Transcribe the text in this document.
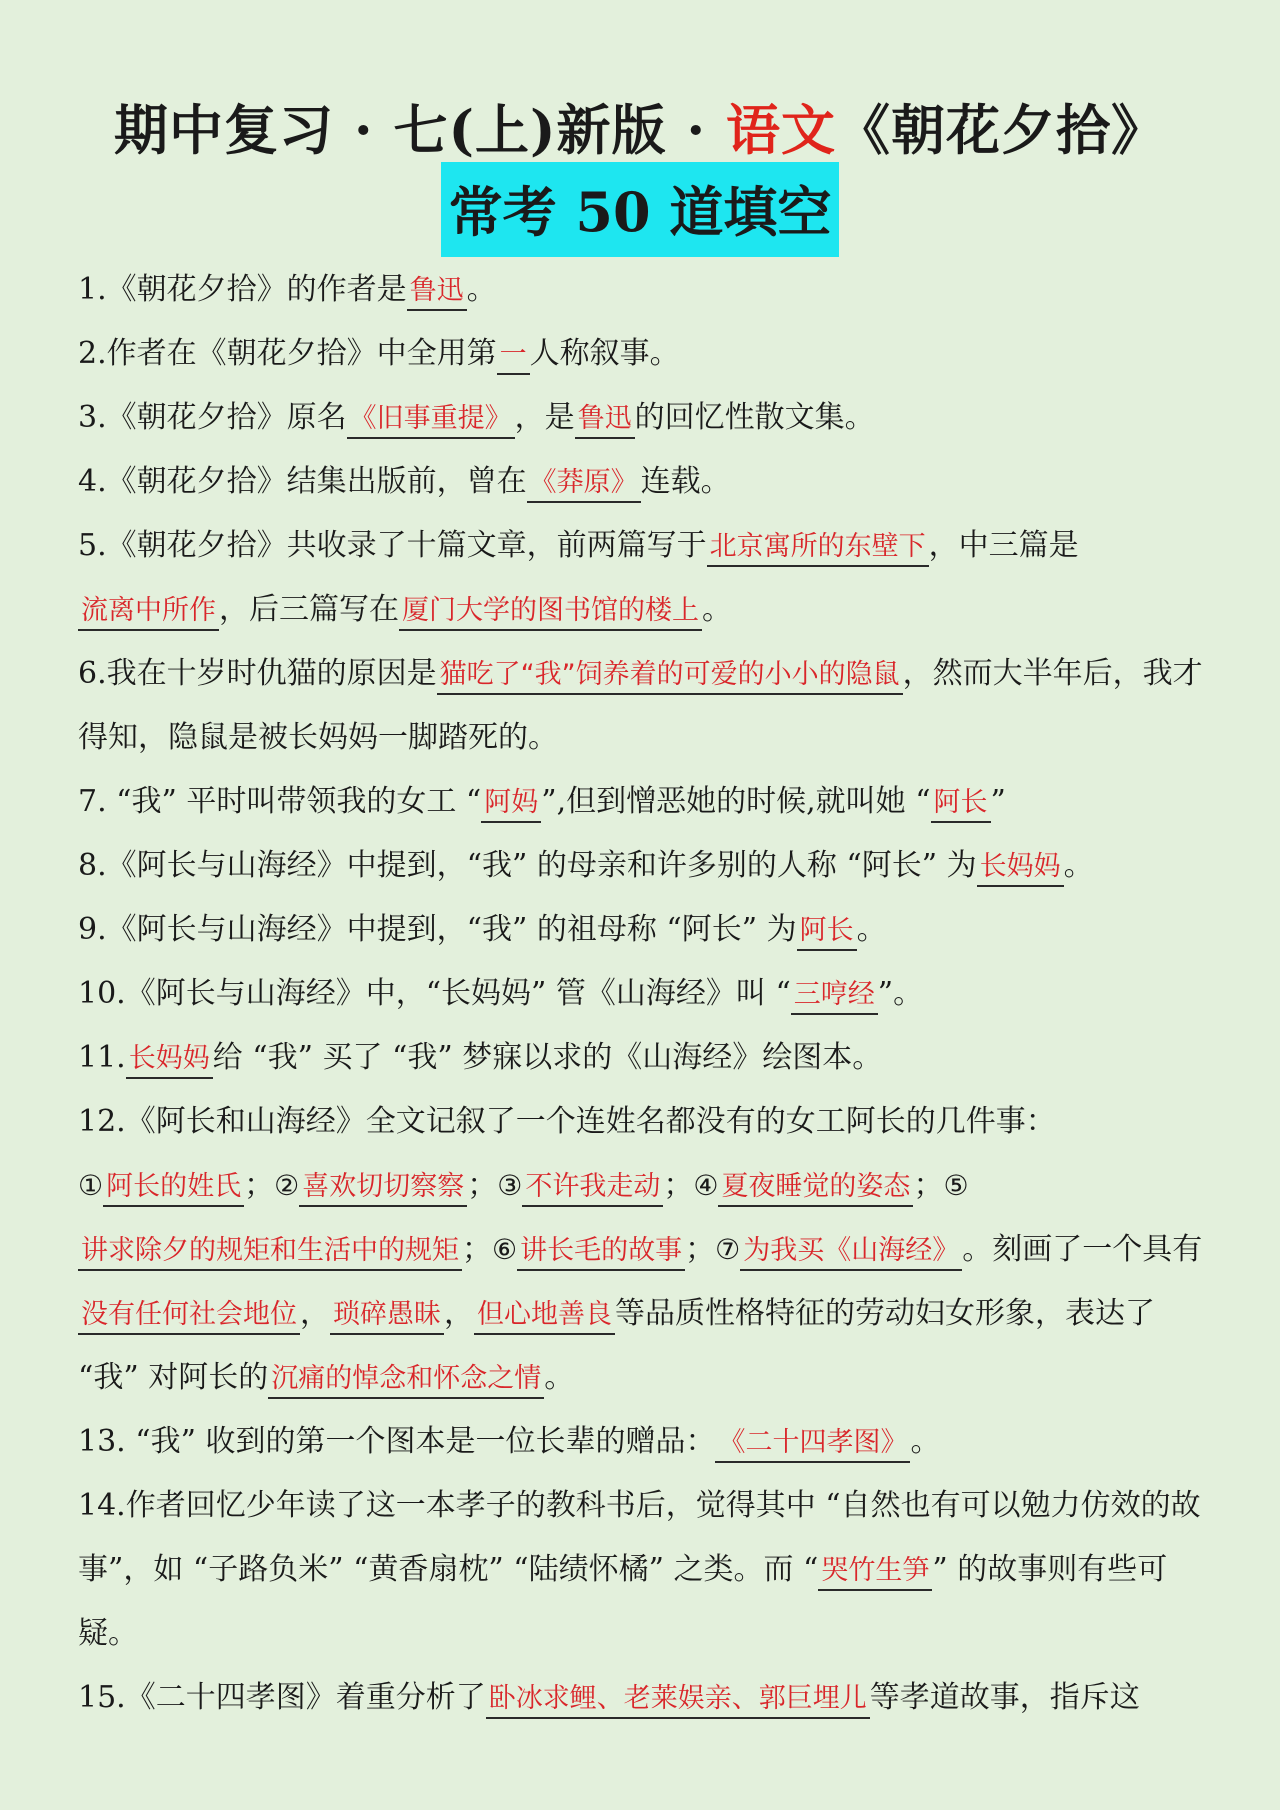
期中复习 · 七(上)新版 · 语文《朝花夕拾》
常考 50 道填空

1.《朝花夕拾》的作者是 鲁迅 。

2.作者在《朝花夕拾》中全用第 一 人称叙事。

3.《朝花夕拾》原名 《旧事重提》 ，是 鲁迅 的回忆性散文集。

4.《朝花夕拾》结集出版前，曾在 《莽原》 连载。

5.《朝花夕拾》共收录了十篇文章，前两篇写于 北京寓所的东壁下 ，中三篇是流离中所作 ，后三篇写在 厦门大学的图书馆的楼上 。

6.我在十岁时仇猫的原因是 猫吃了“我”饲养着的可爱的小小的隐鼠 ，然而大半年后，我才得知，隐鼠是被长妈妈一脚踏死的。

7. “我” 平时叫带领我的女工 “ 阿妈 ”,但到憎恶她的时候,就叫她 “ 阿长 ”

8.《阿长与山海经》中提到，“我” 的母亲和许多别的人称 “阿长” 为 长妈妈 。

9.《阿长与山海经》中提到，“我” 的祖母称 “阿长” 为 阿长 。

10.《阿长与山海经》中，“长妈妈” 管《山海经》叫 “ 三哼经 ”。

11. 长妈妈 给 “我” 买了 “我” 梦寐以求的《山海经》绘图本。

12.《阿长和山海经》全文记叙了一个连姓名都没有的女工阿长的几件事：
① 阿长的姓氏 ；② 喜欢切切察察 ；③ 不许我走动 ；④ 夏夜睡觉的姿态 ；⑤讲求除夕的规矩和生活中的规矩 ；⑥ 讲长毛的故事 ；⑦ 为我买《山海经》 。刻画了一个具有没有任何社会地位 ， 琐碎愚昧 ， 但心地善良 等品质性格特征的劳动妇女形象，表达了 “我” 对阿长的 沉痛的悼念和怀念之情 。

13. “我” 收到的第一个图本是一位长辈的赠品： 《二十四孝图》 。

14.作者回忆少年读了这一本孝子的教科书后，觉得其中 “自然也有可以勉力仿效的故事”，如 “子路负米” “黄香扇枕” “陆绩怀橘” 之类。而 “ 哭竹生笋 ” 的故事则有些可疑。

15.《二十四孝图》着重分析了 卧冰求鲤、老莱娱亲、郭巨埋儿 等孝道故事，指斥这
